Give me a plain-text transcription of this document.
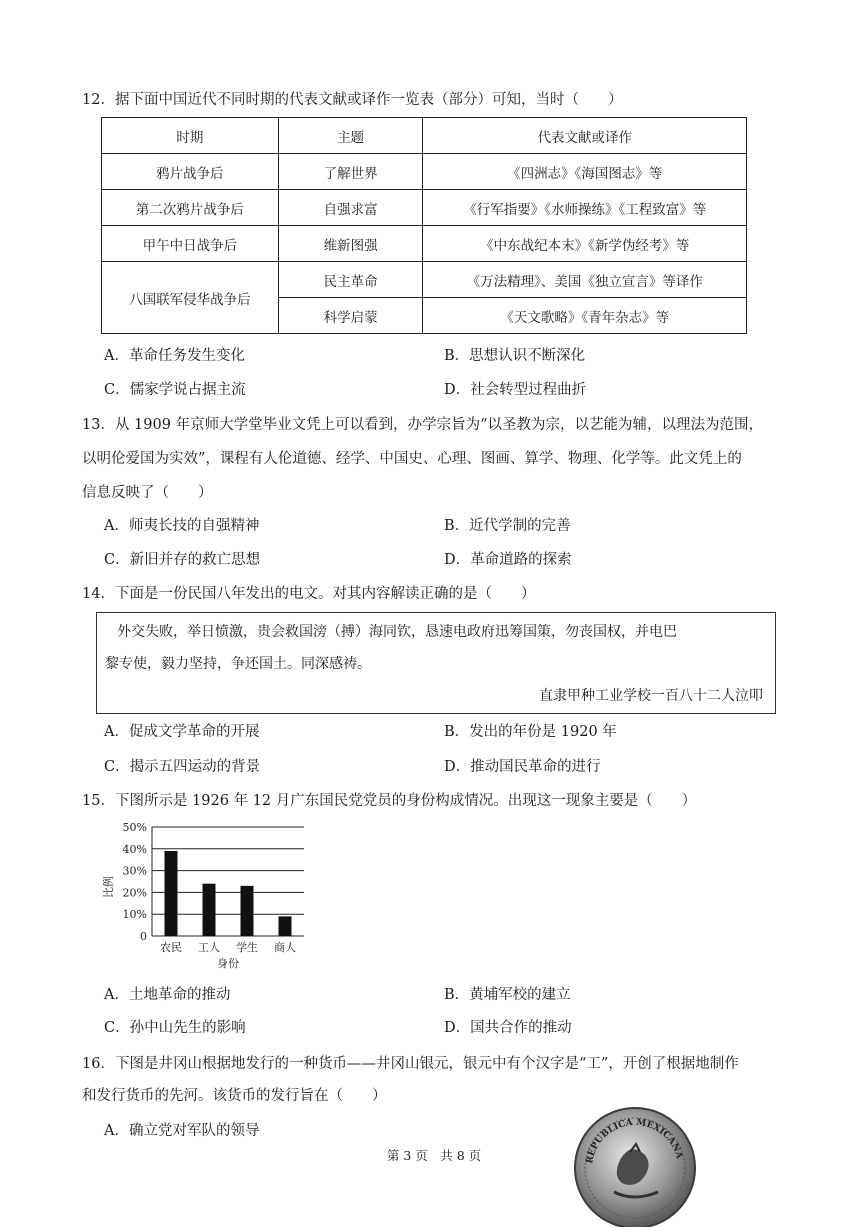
12．据下面中国近代不同时期的代表文献或译作一览表（部分）可知，当时（　　）
时期	主题	代表文献或译作
鸦片战争后	了解世界	《四洲志》《海国图志》等
第二次鸦片战争后	自强求富	《行军指要》《水师操练》《工程致富》等
甲午中日战争后	维新图强	《中东战纪本末》《新学伪经考》等
八国联军侵华战争后	民主革命	《万法精理》、美国《独立宣言》等译作
	科学启蒙	《天文歌略》《青年杂志》等
A．革命任务发生变化	B．思想认识不断深化
C．儒家学说占据主流	D．社会转型过程曲折
13．从 1909 年京师大学堂毕业文凭上可以看到，办学宗旨为“以圣教为宗，以艺能为辅，以理法为范围，
以明伦爱国为实效”，课程有人伦道德、经学、中国史、心理、图画、算学、物理、化学等。此文凭上的
信息反映了（　　）
A．师夷长技的自强精神	B．近代学制的完善
C．新旧并存的救亡思想	D．革命道路的探索
14．下面是一份民国八年发出的电文。对其内容解读正确的是（　　）
外交失败，举日愤激，贵会救国滂（搏）海同钦，恳速电政府迅筹国策，勿丧国权，并电巴
黎专使，毅力坚持，争还国土。同深感祷。
直隶甲种工业学校一百八十二人泣叩
A．促成文学革命的开展	B．发出的年份是 1920 年
C．揭示五四运动的背景	D．推动国民革命的进行
15．下图所示是 1926 年 12 月广东国民党党员的身份构成情况。出现这一现象主要是（　　）
0
10%
20%
30%
40%
50%
比例
农民 工人 学生 商人
身份
A．土地革命的推动	B．黄埔军校的建立
C．孙中山先生的影响	D．国共合作的推动
16．下图是井冈山根据地发行的一种货币——井冈山银元，银元中有个汉字是“工”，开创了根据地制作
和发行货币的先河。该货币的发行旨在（　　）
A．确立党对军队的领导
REPUBLICA MEXICANA
第 3 页　共 8 页
